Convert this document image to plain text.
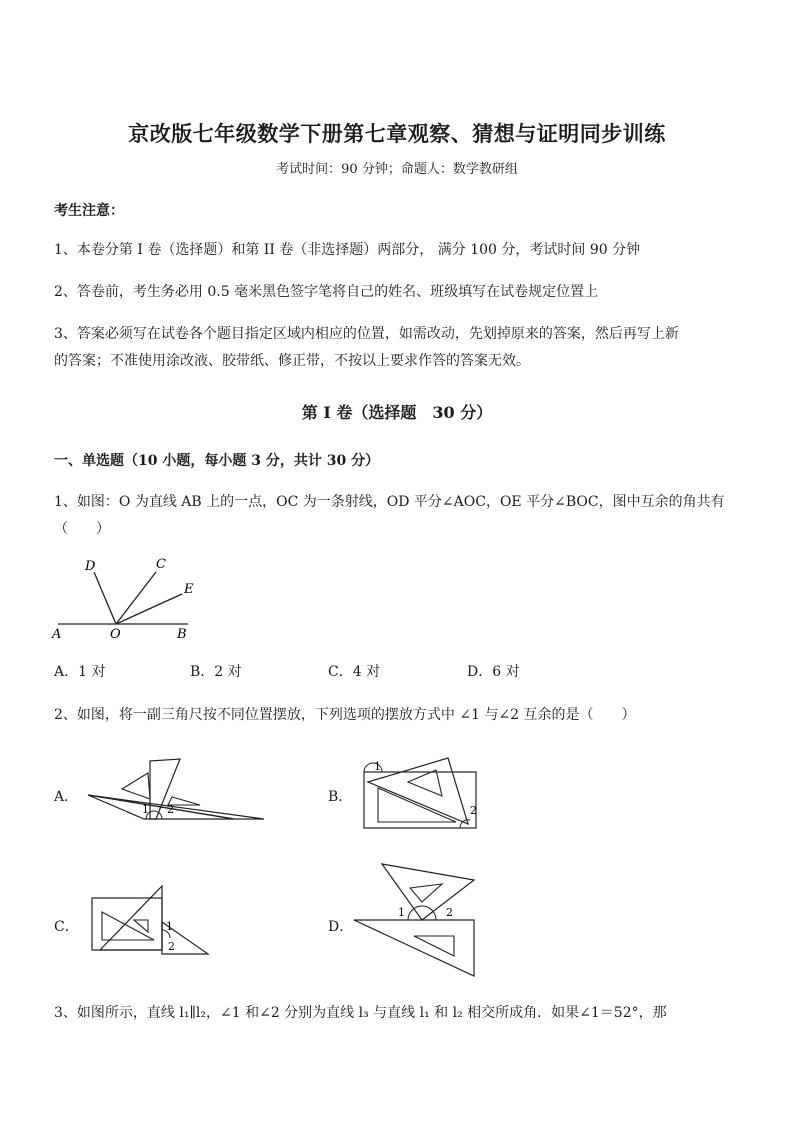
京改版七年级数学下册第七章观察、猜想与证明同步训练
考试时间：90 分钟；命题人：数学教研组
考生注意：
1、本卷分第 I 卷（选择题）和第 II 卷（非选择题）两部分， 满分 100 分，考试时间 90 分钟
2、答卷前，考生务必用 0.5 毫米黑色签字笔将自己的姓名、班级填写在试卷规定位置上
3、答案必须写在试卷各个题目指定区域内相应的位置，如需改动，先划掉原来的答案，然后再写上新
的答案；不准使用涂改液、胶带纸、修正带，不按以上要求作答的答案无效。
第 I 卷（选择题　30 分）
一、单选题（10 小题，每小题 3 分，共计 30 分）
1、如图：O 为直线 AB 上的一点，OC 为一条射线，OD 平分∠AOC，OE 平分∠BOC，图中互余的角共有
（　　）
A	O	B
D	C
E
A．1 对	B．2 对	C．4 对	D．6 对
2、如图，将一副三角尺按不同位置摆放，下列选项的摆放方式中 ∠1 与∠2 互余的是（　　）
A．
1 2
B．
1
2
C．	1
2
D．
1	2
3、如图所示，直线 l₁∥l₂，∠1 和∠2 分别为直线 l₃ 与直线 l₁ 和 l₂ 相交所成角．如果∠1＝52°，那
